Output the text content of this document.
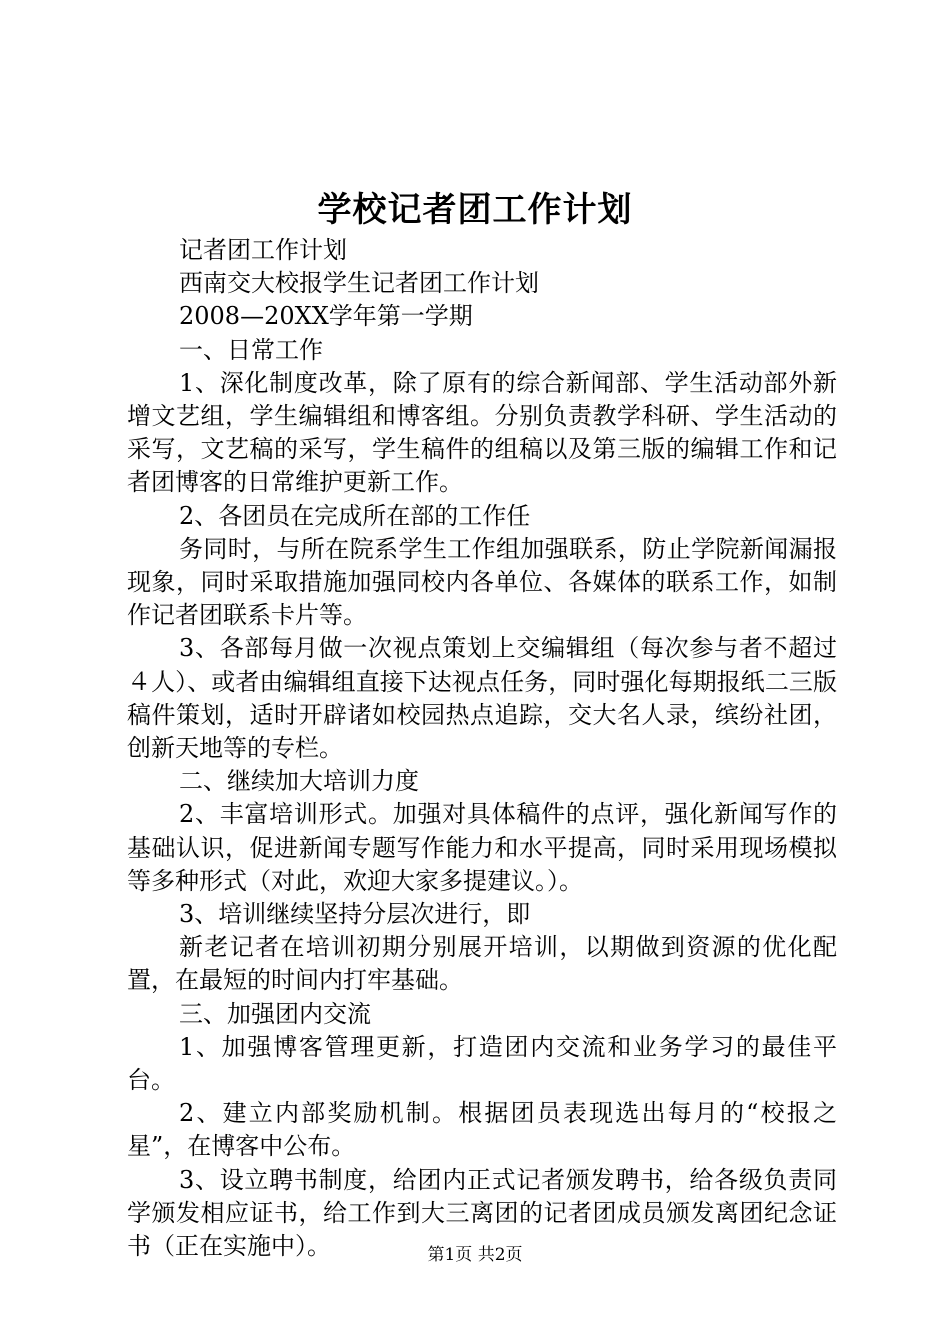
学校记者团工作计划

记者团工作计划

西南交大校报学生记者团工作计划

2008—20XX学年第一学期

一、日常工作

1、深化制度改革，除了原有的综合新闻部、学生活动部外新增文艺组，学生编辑组和博客组。分别负责教学科研、学生活动的采写，文艺稿的采写，学生稿件的组稿以及第三版的编辑工作和记者团博客的日常维护更新工作。

2、各团员在完成所在部的工作任

务同时，与所在院系学生工作组加强联系，防止学院新闻漏报现象，同时采取措施加强同校内各单位、各媒体的联系工作，如制作记者团联系卡片等。

3、各部每月做一次视点策划上交编辑组（每次参与者不超过４人）、或者由编辑组直接下达视点任务，同时强化每期报纸二三版稿件策划，适时开辟诸如校园热点追踪，交大名人录，缤纷社团，创新天地等的专栏。

二、继续加大培训力度

2、丰富培训形式。加强对具体稿件的点评，强化新闻写作的基础认识，促进新闻专题写作能力和水平提高，同时采用现场模拟等多种形式（对此，欢迎大家多提建议。）。

3、培训继续坚持分层次进行，即

新老记者在培训初期分别展开培训，以期做到资源的优化配置，在最短的时间内打牢基础。

三、加强团内交流

1、加强博客管理更新，打造团内交流和业务学习的最佳平台。

2、建立内部奖励机制。根据团员表现选出每月的“校报之星”，在博客中公布。

3、设立聘书制度，给团内正式记者颁发聘书，给各级负责同学颁发相应证书，给工作到大三离团的记者团成员颁发离团纪念证书（正在实施中）。	第1页 共2页
